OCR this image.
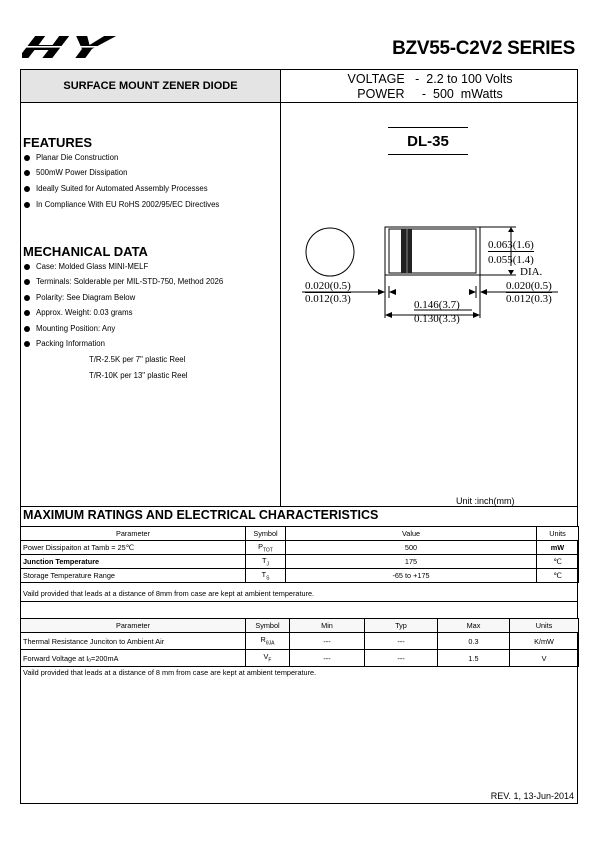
BZV55-C2V2 SERIES
SURFACE MOUNT ZENER DIODE	VOLTAGE   -  2.2 to 100 Volts
POWER     -  500  mWatts
FEATURES
Planar Die Construction
500mW Power Dissipation
Ideally Suited for Automated Assembly Processes
In Compliance With EU RoHS 2002/95/EC Directives
MECHANICAL DATA
Case: Molded Glass MINI-MELF
Terminals: Solderable per MIL-STD-750, Method 2026
Polarity: See Diagram Below
Approx. Weight: 0.03 grams
Mounting Position: Any
Packing Information
T/R-2.5K per 7" plastic Reel
T/R-10K per 13" plastic Reel
DL-35
0.063(1.6)
0.055(1.4)
DIA.
0.020(0.5)
0.012(0.3)
0.020(0.5)
0.012(0.3)
0.146(3.7)
0.130(3.3)
Unit :inch(mm)
MAXIMUM RATINGS AND ELECTRICAL CHARACTERISTICS
Parameter	Symbol	Value	Units
Power Dissipaiton at Tamb = 25℃	$P_{TOT}$	500	mW
Junction Temperature	$T_J$	175	℃
Storage Temperature Range	$T_S$	-65 to +175	℃
Vaild provided that leads at a distance of 8mm from case are kept at ambient temperature.
Parameter	Symbol	Min	Typ	Max	Units
Thermal Resistance Junciton to Ambient Air	$R_{\theta JA}$	---	---	0.3	K/mW
Forward Voltage at Iₒ=200mA	$V_F$	---	---	1.5	V
Vaild provided that leads at a distance of 8 mm from case are kept at ambient temperature.
REV. 1, 13-Jun-2014
